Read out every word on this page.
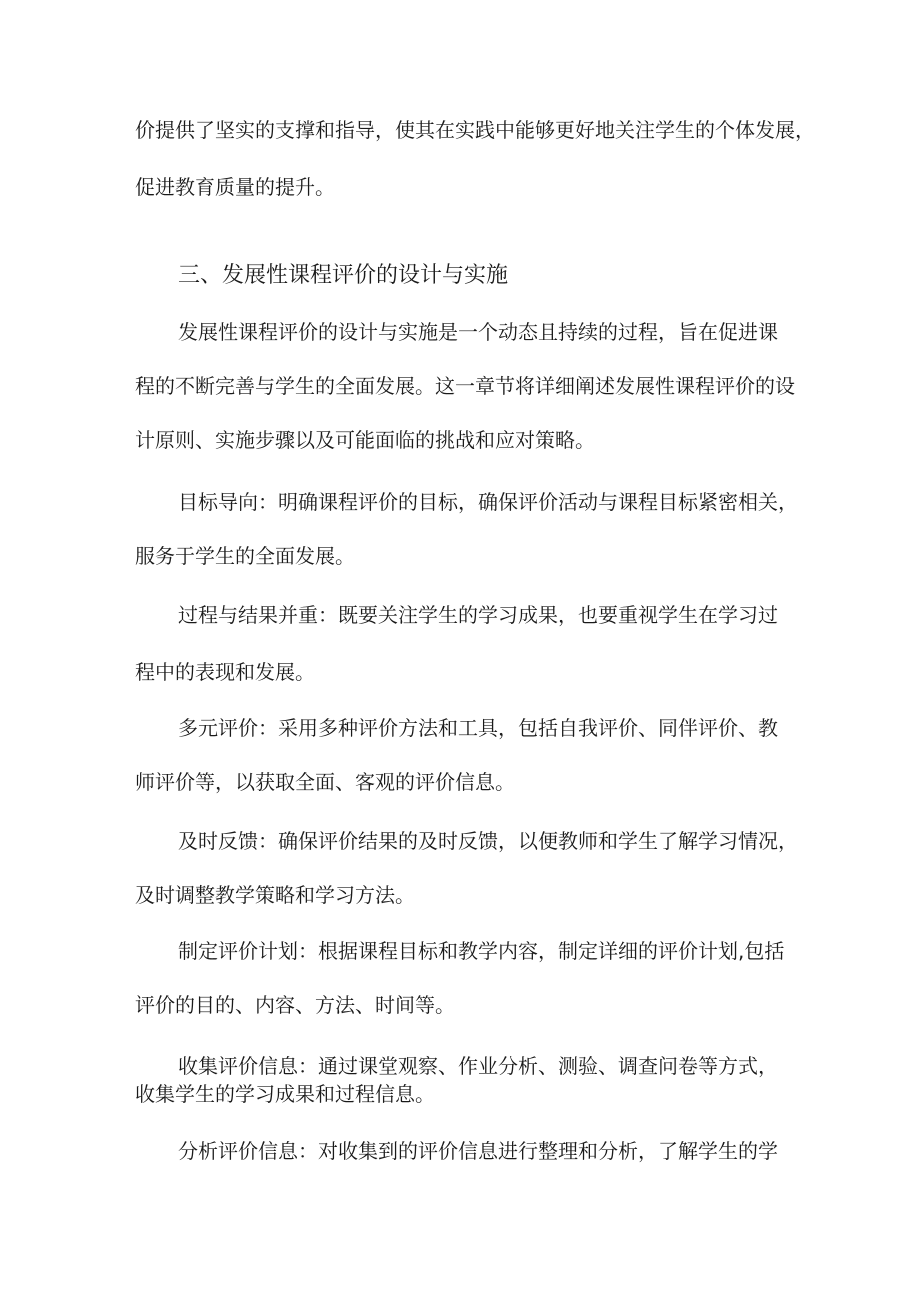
价提供了坚实的支撑和指导，使其在实践中能够更好地关注学生的个体发展，
促进教育质量的提升。
三、发展性课程评价的设计与实施
发展性课程评价的设计与实施是一个动态且持续的过程，旨在促进课
程的不断完善与学生的全面发展。这一章节将详细阐述发展性课程评价的设
计原则、实施步骤以及可能面临的挑战和应对策略。
目标导向：明确课程评价的目标，确保评价活动与课程目标紧密相关，
服务于学生的全面发展。
过程与结果并重：既要关注学生的学习成果，也要重视学生在学习过
程中的表现和发展。
多元评价：采用多种评价方法和工具，包括自我评价、同伴评价、教
师评价等，以获取全面、客观的评价信息。
及时反馈：确保评价结果的及时反馈，以便教师和学生了解学习情况，
及时调整教学策略和学习方法。
制定评价计划：根据课程目标和教学内容，制定详细的评价计划,包括
评价的目的、内容、方法、时间等。
收集评价信息：通过课堂观察、作业分析、测验、调查问卷等方式，
收集学生的学习成果和过程信息。
分析评价信息：对收集到的评价信息进行整理和分析，了解学生的学
